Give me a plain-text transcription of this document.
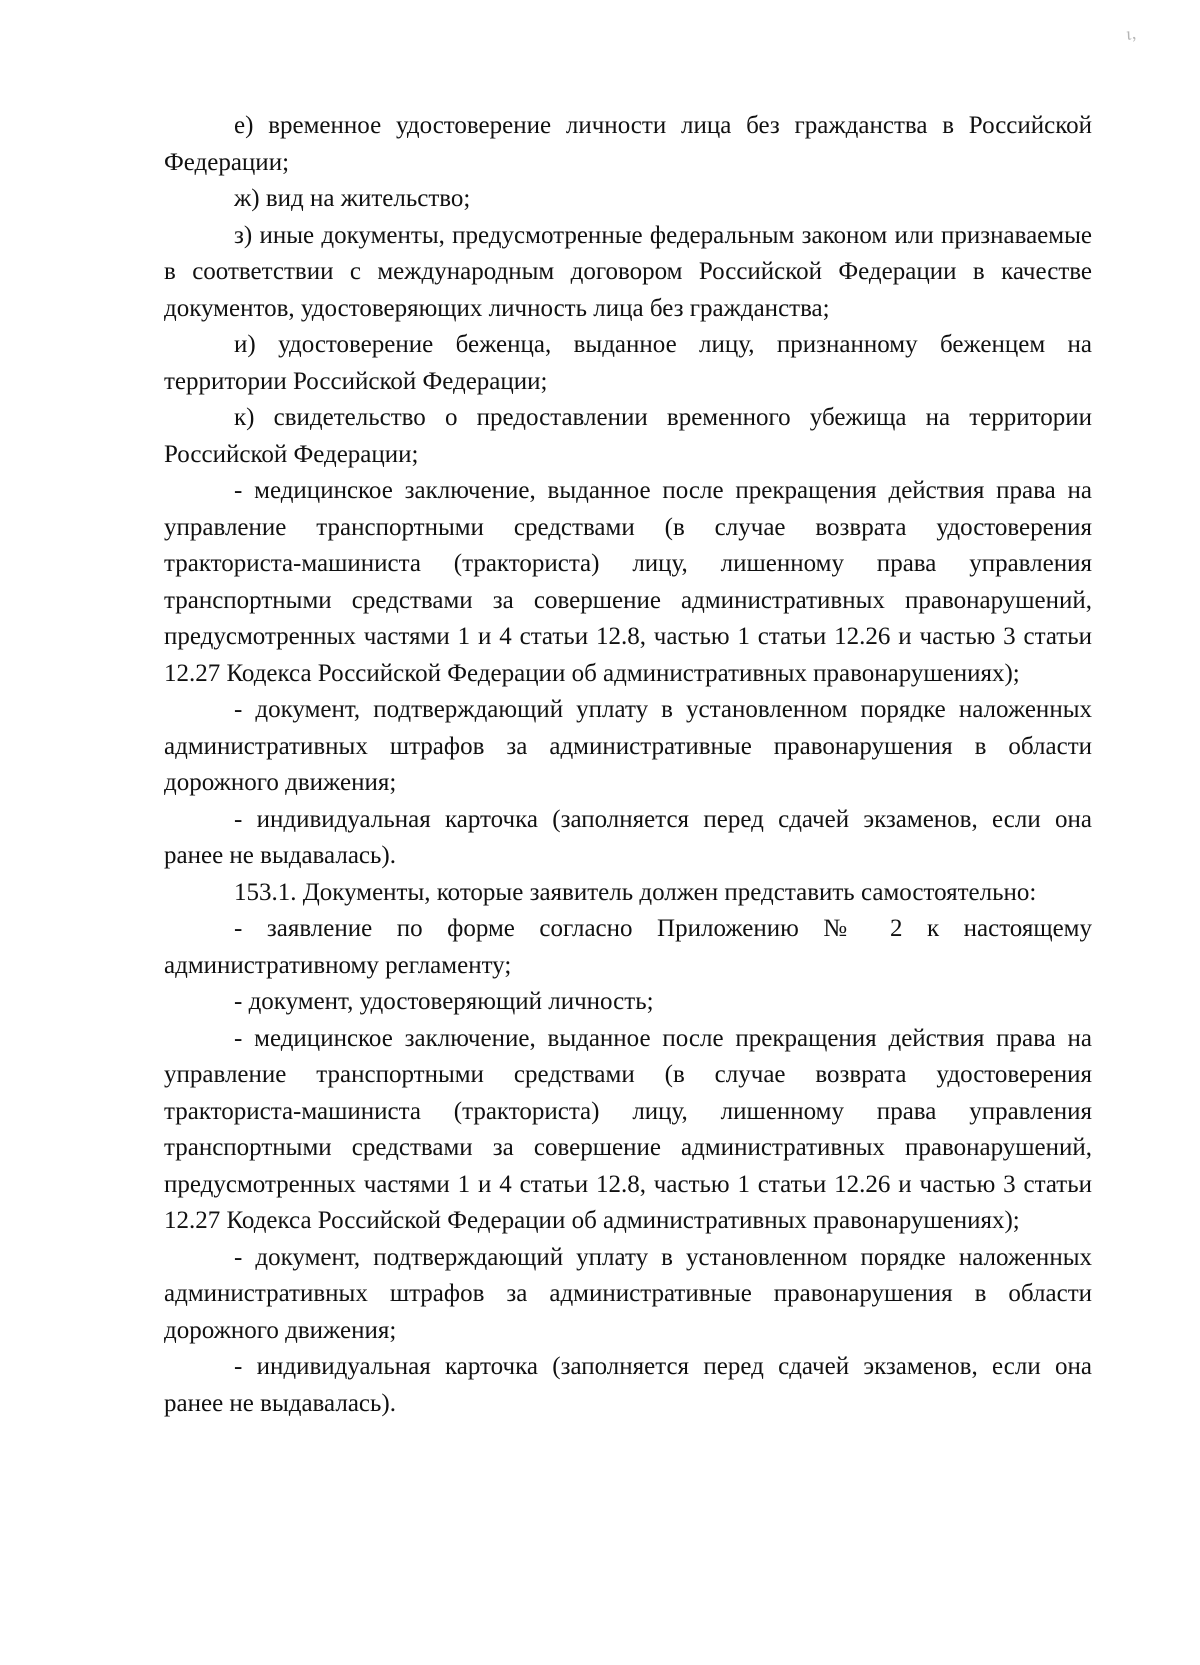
ι,

е) временное удостоверение личности лица без гражданства в Российской Федерации;

ж) вид на жительство;

з) иные документы, предусмотренные федеральным законом или признаваемые в соответствии с международным договором Российской Федерации в качестве документов, удостоверяющих личность лица без гражданства;

и) удостоверение беженца, выданное лицу, признанному беженцем на территории Российской Федерации;

к) свидетельство о предоставлении временного убежища на территории Российской Федерации;

- медицинское заключение, выданное после прекращения действия права на управление транспортными средствами (в случае возврата удостоверения тракториста-машиниста (тракториста) лицу, лишенному права управления транспортными средствами за совершение административных правонарушений, предусмотренных частями 1 и 4 статьи 12.8, частью 1 статьи 12.26 и частью 3 статьи 12.27 Кодекса Российской Федерации об административных правонарушениях);

- документ, подтверждающий уплату в установленном порядке наложенных административных штрафов за административные правонарушения в области дорожного движения;

- индивидуальная карточка (заполняется перед сдачей экзаменов, если она ранее не выдавалась).

153.1. Документы, которые заявитель должен представить самостоятельно:

- заявление по форме согласно Приложению № 2 к настоящему административному регламенту;

- документ, удостоверяющий личность;

- медицинское заключение, выданное после прекращения действия права на управление транспортными средствами (в случае возврата удостоверения тракториста-машиниста (тракториста) лицу, лишенному права управления транспортными средствами за совершение административных правонарушений, предусмотренных частями 1 и 4 статьи 12.8, частью 1 статьи 12.26 и частью 3 статьи 12.27 Кодекса Российской Федерации об административных правонарушениях);

- документ, подтверждающий уплату в установленном порядке наложенных административных штрафов за административные правонарушения в области дорожного движения;

- индивидуальная карточка (заполняется перед сдачей экзаменов, если она ранее не выдавалась).
